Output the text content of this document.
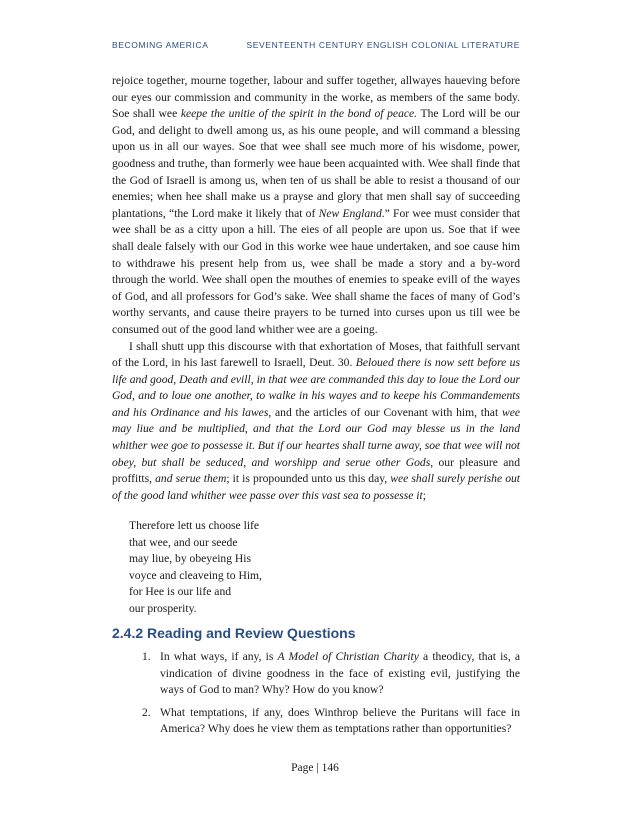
BECOMING AMERICA	SEVENTEENTH CENTURY ENGLISH COLONIAL LITERATURE

rejoice together, mourne together, labour and suffer together, allwayes haueving before our eyes our commission and community in the worke, as members of the same body. Soe shall wee keepe the unitie of the spirit in the bond of peace. The Lord will be our God, and delight to dwell among us, as his oune people, and will command a blessing upon us in all our wayes. Soe that wee shall see much more of his wisdome, power, goodness and truthe, than formerly wee haue been acquainted with. Wee shall finde that the God of Israell is among us, when ten of us shall be able to resist a thousand of our enemies; when hee shall make us a prayse and glory that men shall say of succeeding plantations, “the Lord make it likely that of New England.” For wee must consider that wee shall be as a citty upon a hill. The eies of all people are upon us. Soe that if wee shall deale falsely with our God in this worke wee haue undertaken, and soe cause him to withdrawe his present help from us, wee shall be made a story and a by-word through the world. Wee shall open the mouthes of enemies to speake evill of the wayes of God, and all professors for God’s sake. Wee shall shame the faces of many of God’s worthy servants, and cause theire prayers to be turned into curses upon us till wee be consumed out of the good land whither wee are a goeing.

I shall shutt upp this discourse with that exhortation of Moses, that faithfull servant of the Lord, in his last farewell to Israell, Deut. 30. Beloued there is now sett before us life and good, Death and evill, in that wee are commanded this day to loue the Lord our God, and to loue one another, to walke in his wayes and to keepe his Commandements and his Ordinance and his lawes, and the articles of our Covenant with him, that wee may liue and be multiplied, and that the Lord our God may blesse us in the land whither wee goe to possesse it. But if our heartes shall turne away, soe that wee will not obey, but shall be seduced, and worshipp and serue other Gods, our pleasure and proffitts, and serue them; it is propounded unto us this day, wee shall surely perishe out of the good land whither wee passe over this vast sea to possesse it;

Therefore lett us choose life
that wee, and our seede
may liue, by obeyeing His
voyce and cleaveing to Him,
for Hee is our life and
our prosperity.
2.4.2 Reading and Review Questions
1. In what ways, if any, is A Model of Christian Charity a theodicy, that is, a vindication of divine goodness in the face of existing evil, justifying the ways of God to man? Why? How do you know?
2. What temptations, if any, does Winthrop believe the Puritans will face in America? Why does he view them as temptations rather than opportunities?
Page | 146
